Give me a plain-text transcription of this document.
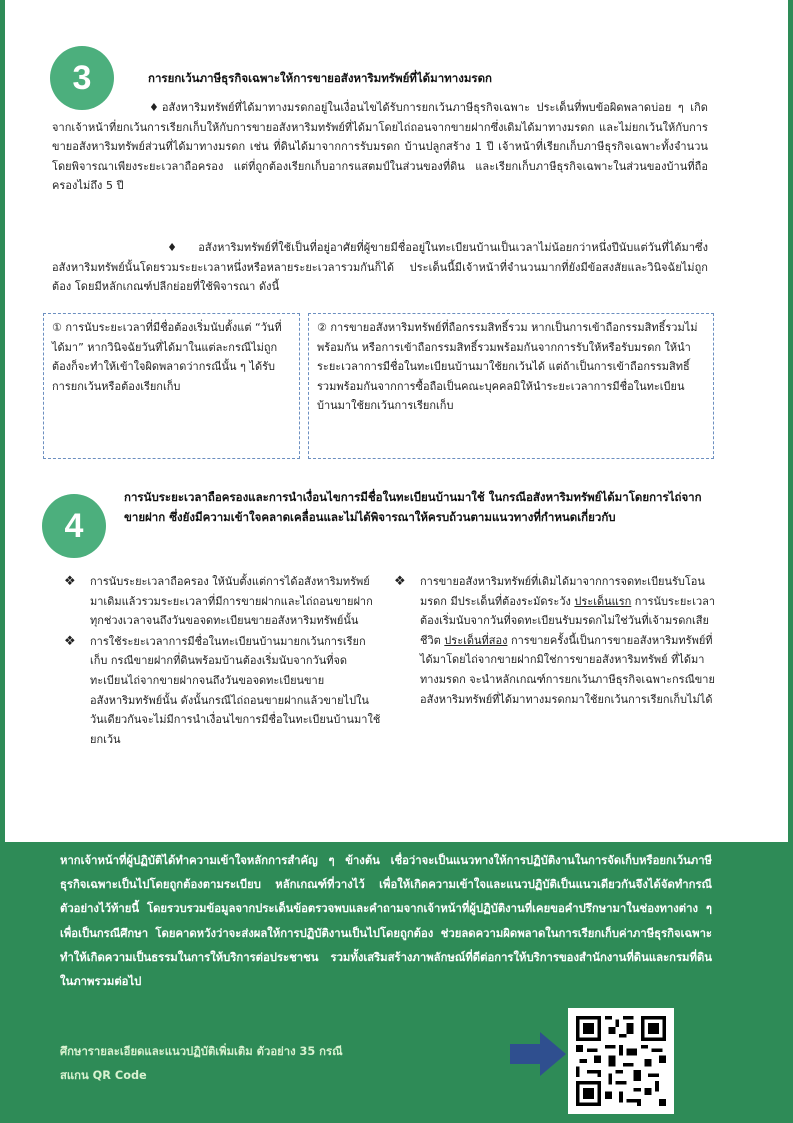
3	การยกเว้นภาษีธุรกิจเฉพาะให้การขายอสังหาริมทรัพย์ที่ได้มาทางมรดก
♦อสังหาริมทรัพย์ที่ได้มาทางมรดกอยู่ในเงื่อนไขได้รับการยกเว้นภาษีธุรกิจเฉพาะ ประเด็นที่พบข้อผิดพลาดบ่อย ๆ เกิดจากเจ้าหน้าที่ยกเว้นการเรียกเก็บให้กับการขายอสังหาริมทรัพย์ที่ได้มาโดยไถ่ถอนจากขายฝากซึ่งเดิมได้มาทางมรดก และไม่ยกเว้นให้กับการขายอสังหาริมทรัพย์ส่วนที่ได้มาทางมรดก เช่น ที่ดินได้มาจากการรับมรดก บ้านปลูกสร้าง 1 ปี เจ้าหน้าที่เรียกเก็บภาษีธุรกิจเฉพาะทั้งจำนวนโดยพิจารณาเพียงระยะเวลาถือครอง แต่ที่ถูกต้องเรียกเก็บอากรแสตมป์ในส่วนของที่ดิน และเรียกเก็บภาษีธุรกิจเฉพาะในส่วนของบ้านที่ถือครองไม่ถึง 5 ปี
♦อสังหาริมทรัพย์ที่ใช้เป็นที่อยู่อาศัยที่ผู้ขายมีชื่ออยู่ในทะเบียนบ้านเป็นเวลาไม่น้อยกว่าหนึ่งปีนับแต่วันที่ได้มาซึ่งอสังหาริมทรัพย์นั้นโดยรวมระยะเวลาหนึ่งหรือหลายระยะเวลารวมกันก็ได้ ประเด็นนี้มีเจ้าหน้าที่จำนวนมากที่ยังมีข้อสงสัยและวินิจฉัยไม่ถูกต้อง โดยมีหลักเกณฑ์ปลีกย่อยที่ใช้พิจารณา ดังนี้
① การนับระยะเวลาที่มีชื่อต้องเริ่มนับตั้งแต่ “วันที่ได้มา” หากวินิจฉัยวันที่ได้มาในแต่ละกรณีไม่ถูกต้องก็จะทำให้เข้าใจผิดพลาดว่ากรณีนั้น ๆ ได้รับการยกเว้นหรือต้องเรียกเก็บ
② การขายอสังหาริมทรัพย์ที่ถือกรรมสิทธิ์รวม หากเป็นการเข้าถือกรรมสิทธิ์รวมไม่พร้อมกัน หรือการเข้าถือกรรมสิทธิ์รวมพร้อมกันจากการรับให้หรือรับมรดก ให้นำระยะเวลาการมีชื่อในทะเบียนบ้านมาใช้ยกเว้นได้ แต่ถ้าเป็นการเข้าถือกรรมสิทธิ์รวมพร้อมกันจากการซื้อถือเป็นคณะบุคคลมิให้นำระยะเวลาการมีชื่อในทะเบียนบ้านมาใช้ยกเว้นการเรียกเก็บ
4
การนับระยะเวลาถือครองและการนำเงื่อนไขการมีชื่อในทะเบียนบ้านมาใช้ ในกรณีอสังหาริมทรัพย์ได้มาโดยการไถ่จากขายฝาก ซึ่งยังมีความเข้าใจคลาดเคลื่อนและไม่ได้พิจารณาให้ครบถ้วนตามแนวทางที่กำหนดเกี่ยวกับ
❖ การนับระยะเวลาถือครอง ให้นับตั้งแต่การได้อสังหาริมทรัพย์มาเดิมแล้วรวมระยะเวลาที่มีการขายฝากและไถ่ถอนขายฝากทุกช่วงเวลาจนถึงวันขอจดทะเบียนขายอสังหาริมทรัพย์นั้น
❖ การใช้ระยะเวลาการมีชื่อในทะเบียนบ้านมายกเว้นการเรียกเก็บ กรณีขายฝากที่ดินพร้อมบ้านต้องเริ่มนับจากวันที่จดทะเบียนไถ่จากขายฝากจนถึงวันขอจดทะเบียนขายอสังหาริมทรัพย์นั้น ดังนั้นกรณีไถ่ถอนขายฝากแล้วขายไปในวันเดียวกันจะไม่มีการนำเงื่อนไขการมีชื่อในทะเบียนบ้านมาใช้ยกเว้น
❖ การขายอสังหาริมทรัพย์ที่เดิมได้มาจากการจดทะเบียนรับโอนมรดก มีประเด็นที่ต้องระมัดระวัง ประเด็นแรก การนับระยะเวลาต้องเริ่มนับจากวันที่จดทะเบียนรับมรดกไม่ใช่วันที่เจ้ามรดกเสียชีวิต ประเด็นที่สอง การขายครั้งนี้เป็นการขายอสังหาริมทรัพย์ที่ได้มาโดยไถ่จากขายฝากมิใช่การขายอสังหาริมทรัพย์ ที่ได้มาทางมรดก จะนำหลักเกณฑ์การยกเว้นภาษีธุรกิจเฉพาะกรณีขายอสังหาริมทรัพย์ที่ได้มาทางมรดกมาใช้ยกเว้นการเรียกเก็บไม่ได้
หากเจ้าหน้าที่ผู้ปฏิบัติได้ทำความเข้าใจหลักการสำคัญ ๆ ข้างต้น เชื่อว่าจะเป็นแนวทางให้การปฏิบัติงานในการจัดเก็บหรือยกเว้นภาษีธุรกิจเฉพาะเป็นไปโดยถูกต้องตามระเบียบ หลักเกณฑ์ที่วางไว้ เพื่อให้เกิดความเข้าใจและแนวปฏิบัติเป็นแนวเดียวกันจึงได้จัดทำกรณีตัวอย่างไว้ท้ายนี้ โดยรวบรวมข้อมูลจากประเด็นข้อตรวจพบและคำถามจากเจ้าหน้าที่ผู้ปฏิบัติงานที่เคยขอคำปรึกษามาในช่องทางต่าง ๆ เพื่อเป็นกรณีศึกษา โดยคาดหวังว่าจะส่งผลให้การปฏิบัติงานเป็นไปโดยถูกต้อง ช่วยลดความผิดพลาดในการเรียกเก็บค่าภาษีธุรกิจเฉพาะ ทำให้เกิดความเป็นธรรมในการให้บริการต่อประชาชน รวมทั้งเสริมสร้างภาพลักษณ์ที่ดีต่อการให้บริการของสำนักงานที่ดินและกรมที่ดินในภาพรวมต่อไป
ศึกษารายละเอียดและแนวปฏิบัติเพิ่มเติม ตัวอย่าง 35 กรณี
สแกน QR Code
